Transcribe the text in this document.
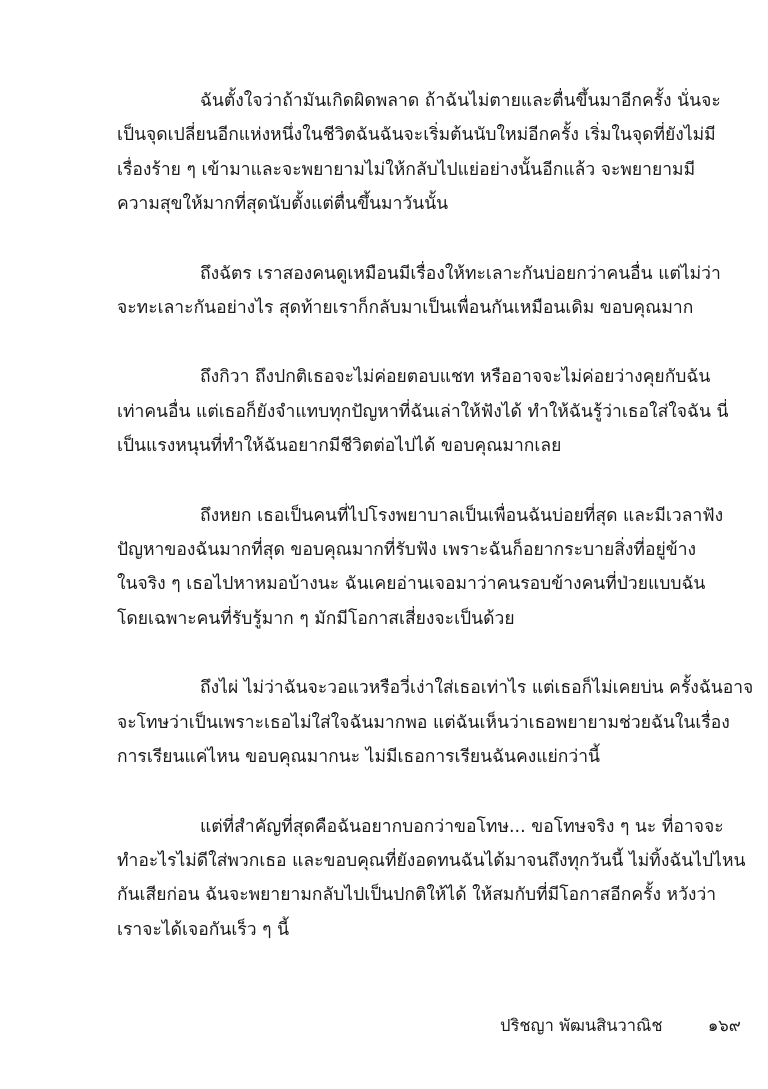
ฉันตั้งใจว่าถ้ามันเกิดผิดพลาด ถ้าฉันไม่ตายและตื่นขึ้นมาอีกครั้ง นั่นจะ
เป็นจุดเปลี่ยนอีกแห่งหนึ่งในชีวิตฉันฉันจะเริ่มต้นนับใหม่อีกครั้ง เริ่มในจุดที่ยังไม่มี
เรื่องร้าย ๆ เข้ามาและจะพยายามไม่ให้กลับไปแย่อย่างนั้นอีกแล้ว จะพยายามมี
ความสุขให้มากที่สุดนับตั้งแต่ตื่นขึ้นมาวันนั้น

ถึงฉัตร เราสองคนดูเหมือนมีเรื่องให้ทะเลาะกันบ่อยกว่าคนอื่น แต่ไม่ว่า
จะทะเลาะกันอย่างไร สุดท้ายเราก็กลับมาเป็นเพื่อนกันเหมือนเดิม ขอบคุณมาก

ถึงกิวา ถึงปกติเธอจะไม่ค่อยตอบแชท หรืออาจจะไม่ค่อยว่างคุยกับฉัน
เท่าคนอื่น แต่เธอก็ยังจำแทบทุกปัญหาที่ฉันเล่าให้ฟังได้ ทำให้ฉันรู้ว่าเธอใส่ใจฉัน นี่
เป็นแรงหนุนที่ทำให้ฉันอยากมีชีวิตต่อไปได้ ขอบคุณมากเลย

ถึงหยก เธอเป็นคนที่ไปโรงพยาบาลเป็นเพื่อนฉันบ่อยที่สุด และมีเวลาฟัง
ปัญหาของฉันมากที่สุด ขอบคุณมากที่รับฟัง เพราะฉันก็อยากระบายสิ่งที่อยู่ข้าง
ในจริง ๆ เธอไปหาหมอบ้างนะ ฉันเคยอ่านเจอมาว่าคนรอบข้างคนที่ป่วยแบบฉัน
โดยเฉพาะคนที่รับรู้มาก ๆ มักมีโอกาสเสี่ยงจะเป็นด้วย

ถึงไผ่ ไม่ว่าฉันจะวอแวหรือวี่เง่าใส่เธอเท่าไร แต่เธอก็ไม่เคยบ่น ครั้งฉันอาจ
จะโทษว่าเป็นเพราะเธอไม่ใส่ใจฉันมากพอ แต่ฉันเห็นว่าเธอพยายามช่วยฉันในเรื่อง
การเรียนแค่ไหน ขอบคุณมากนะ ไม่มีเธอการเรียนฉันคงแย่กว่านี้

แต่ที่สำคัญที่สุดคือฉันอยากบอกว่าขอโทษ... ขอโทษจริง ๆ นะ ที่อาจจะ
ทำอะไรไม่ดีใส่พวกเธอ และขอบคุณที่ยังอดทนฉันได้มาจนถึงทุกวันนี้ ไม่ทิ้งฉันไปไหน
กันเสียก่อน ฉันจะพยายามกลับไปเป็นปกติให้ได้ ให้สมกับที่มีโอกาสอีกครั้ง หวังว่า
เราจะได้เจอกันเร็ว ๆ นี้

ปริชญา พัฒนสินวาณิช	๑๖๙
